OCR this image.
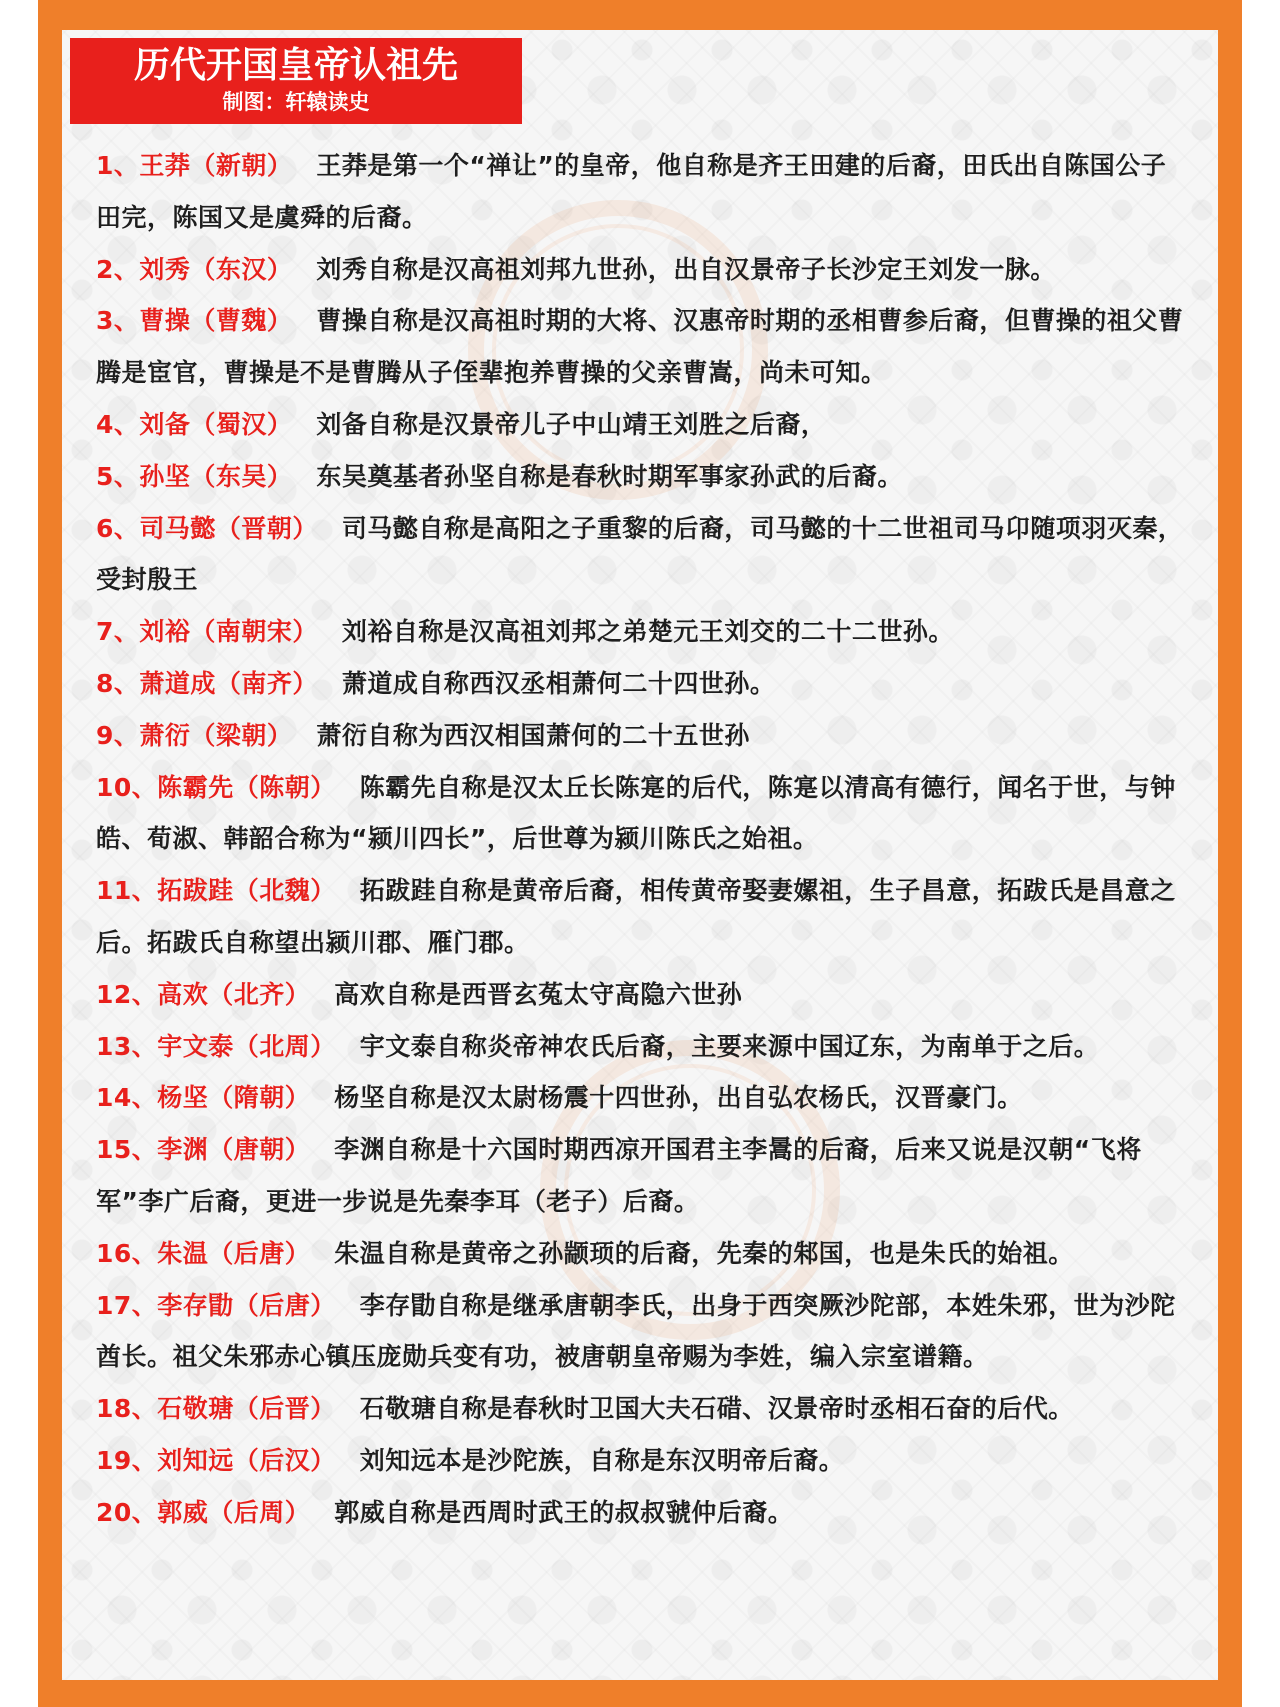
历代开国皇帝认祖先
制图：轩辕读史
1、王莽（新朝） 王莽是第一个“禅让”的皇帝，他自称是齐王田建的后裔，田氏出自陈国公子田完，陈国又是虞舜的后裔。
2、刘秀（东汉） 刘秀自称是汉高祖刘邦九世孙，出自汉景帝子长沙定王刘发一脉。
3、曹操（曹魏） 曹操自称是汉高祖时期的大将、汉惠帝时期的丞相曹参后裔，但曹操的祖父曹腾是宦官，曹操是不是曹腾从子侄辈抱养曹操的父亲曹嵩，尚未可知。
4、刘备（蜀汉） 刘备自称是汉景帝儿子中山靖王刘胜之后裔，
5、孙坚（东吴） 东吴奠基者孙坚自称是春秋时期军事家孙武的后裔。
6、司马懿（晋朝） 司马懿自称是高阳之子重黎的后裔，司马懿的十二世祖司马卬随项羽灭秦，受封殷王
7、刘裕（南朝宋） 刘裕自称是汉高祖刘邦之弟楚元王刘交的二十二世孙。
8、萧道成（南齐） 萧道成自称西汉丞相萧何二十四世孙。
9、萧衍（梁朝） 萧衍自称为西汉相国萧何的二十五世孙
10、陈霸先（陈朝） 陈霸先自称是汉太丘长陈寔的后代，陈寔以清高有德行，闻名于世，与钟皓、荀淑、韩韶合称为“颍川四长”，后世尊为颍川陈氏之始祖。
11、拓跋跬（北魏） 拓跋跬自称是黄帝后裔，相传黄帝娶妻嫘祖，生子昌意，拓跋氏是昌意之后。拓跋氏自称望出颍川郡、雁门郡。
12、高欢（北齐） 高欢自称是西晋玄菟太守高隐六世孙
13、宇文泰（北周） 宇文泰自称炎帝神农氏后裔，主要来源中国辽东，为南单于之后。
14、杨坚（隋朝） 杨坚自称是汉太尉杨震十四世孙，出自弘农杨氏，汉晋豪门。
15、李渊（唐朝） 李渊自称是十六国时期西凉开国君主李暠的后裔，后来又说是汉朝“飞将军”李广后裔，更进一步说是先秦李耳（老子）后裔。
16、朱温（后唐） 朱温自称是黄帝之孙颛顼的后裔，先秦的邾国，也是朱氏的始祖。
17、李存勖（后唐） 李存勖自称是继承唐朝李氏，出身于西突厥沙陀部，本姓朱邪，世为沙陀酋长。祖父朱邪赤心镇压庞勋兵变有功，被唐朝皇帝赐为李姓，编入宗室谱籍。
18、石敬瑭（后晋） 石敬瑭自称是春秋时卫国大夫石碏、汉景帝时丞相石奋的后代。
19、刘知远（后汉） 刘知远本是沙陀族，自称是东汉明帝后裔。
20、郭威（后周） 郭威自称是西周时武王的叔叔虢仲后裔。
